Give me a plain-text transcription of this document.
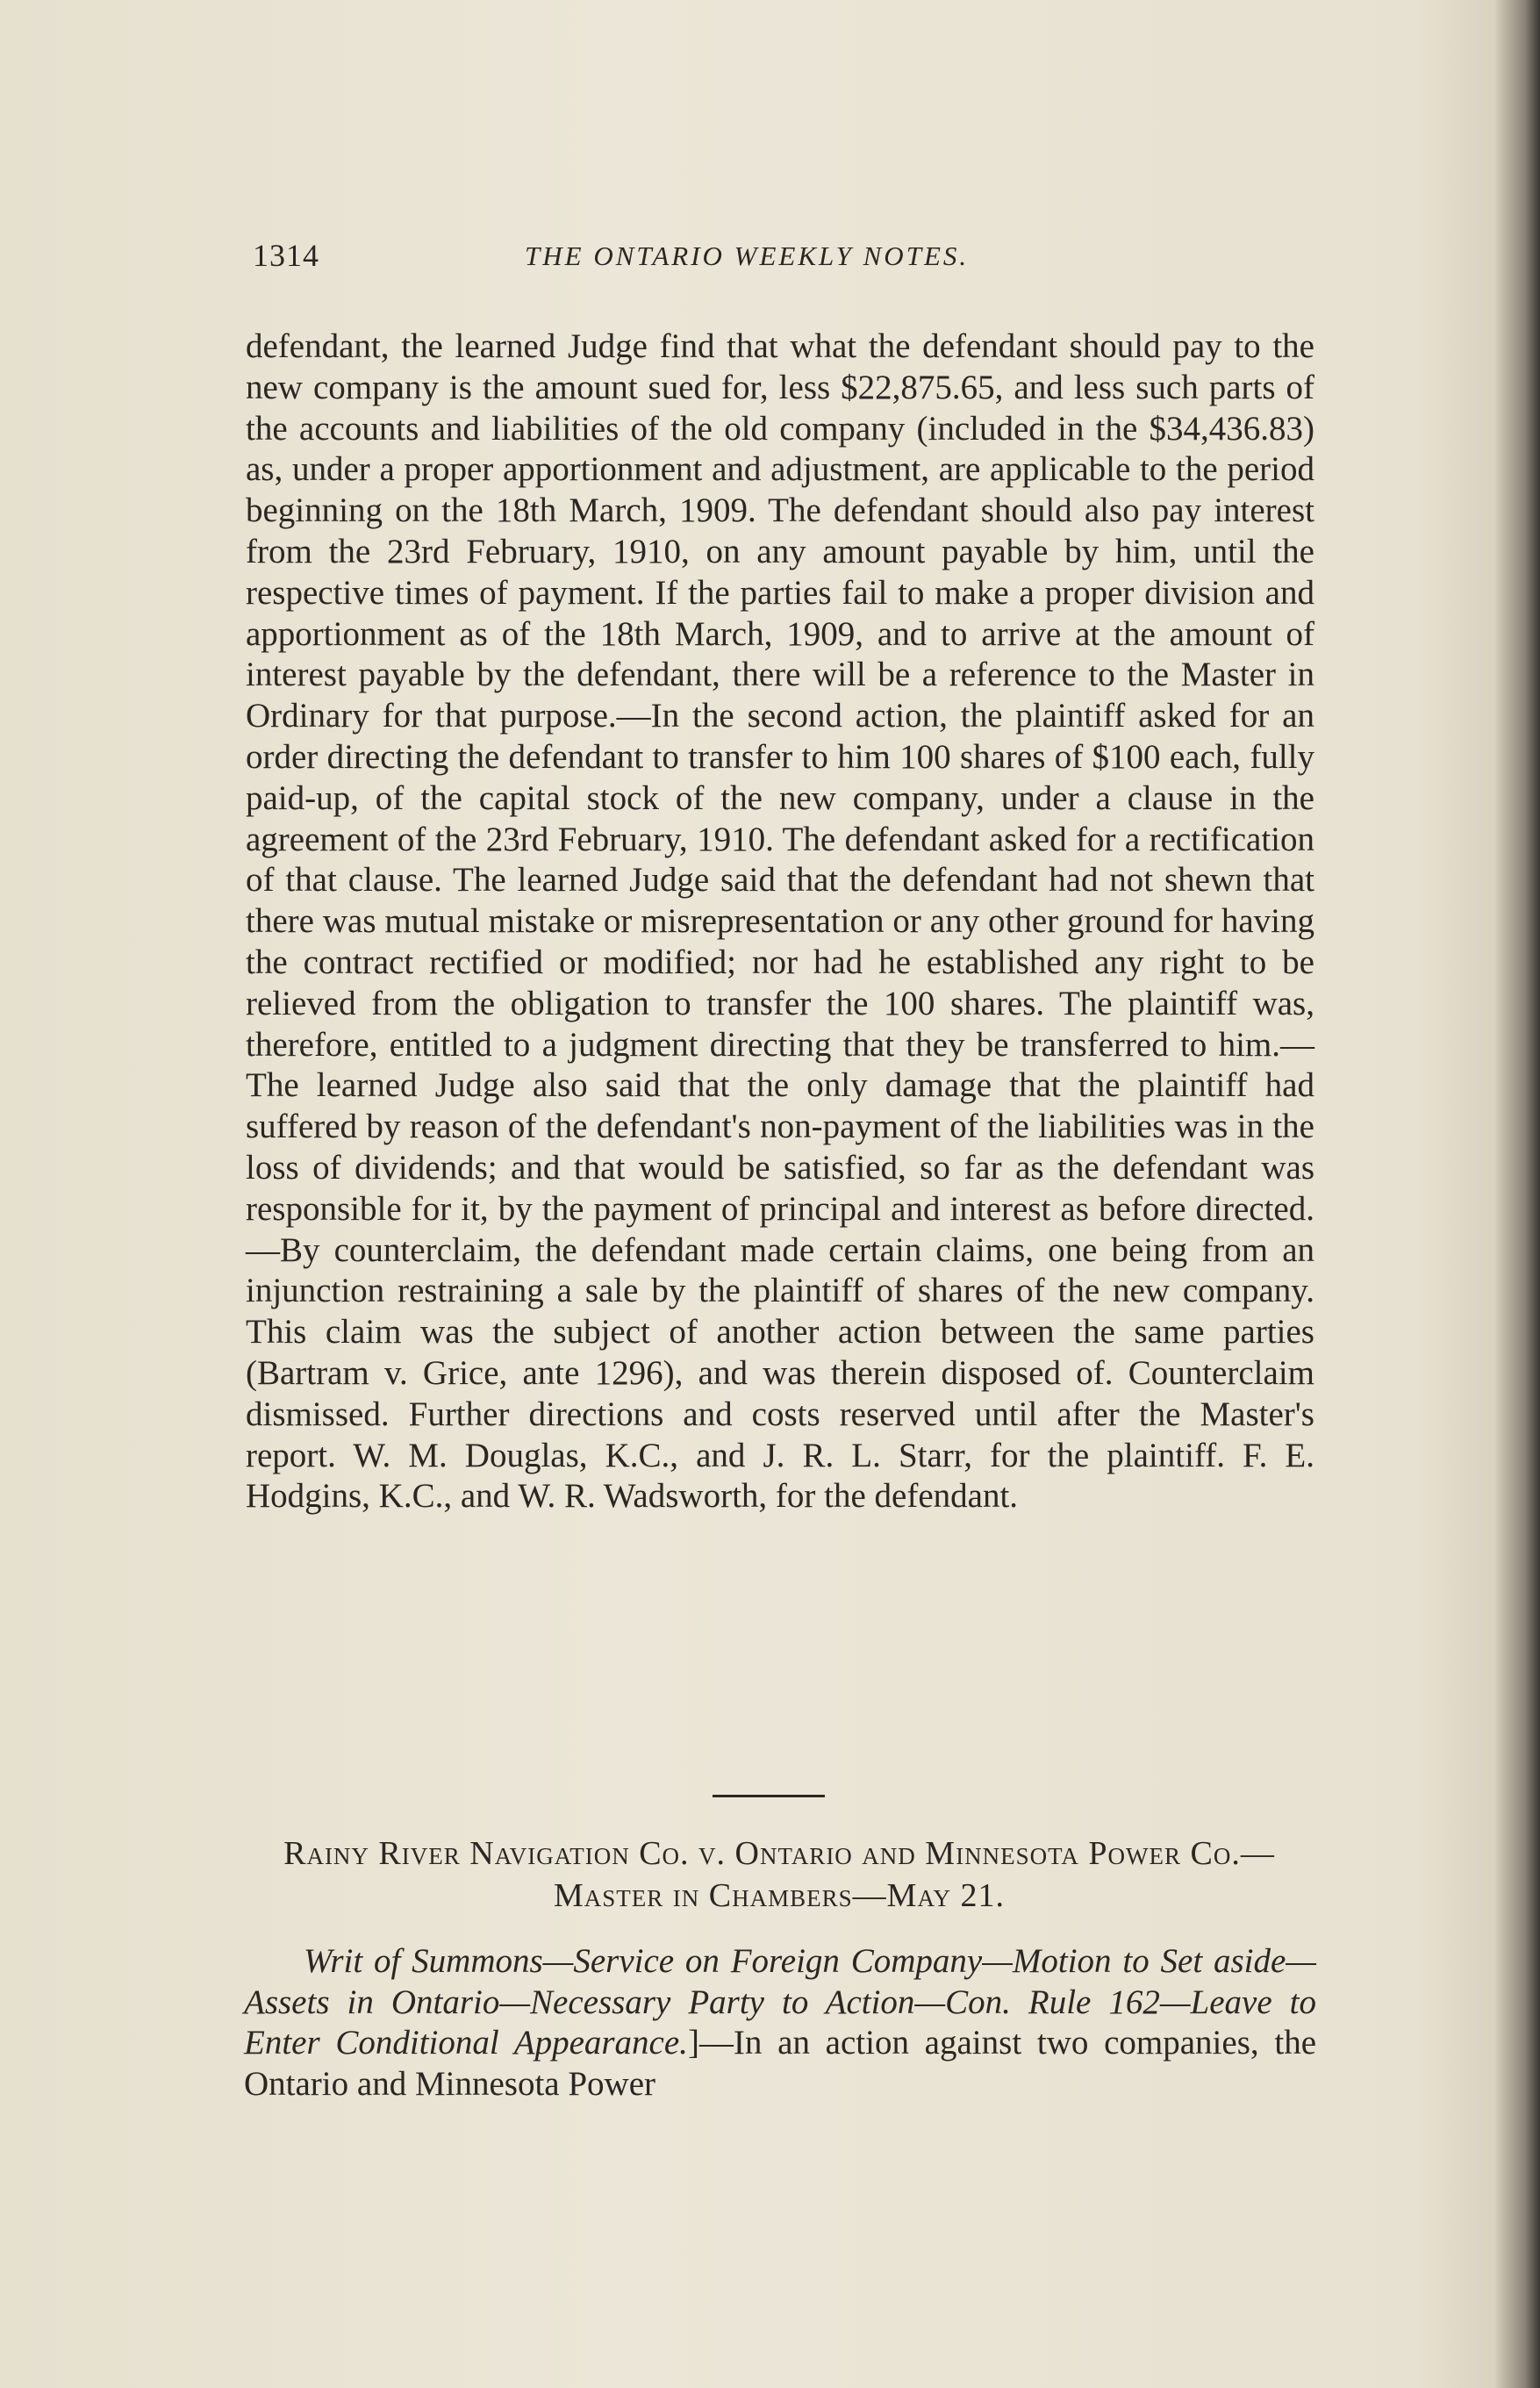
1314	THE ONTARIO WEEKLY NOTES.
defendant, the learned Judge find that what the defendant should pay to the new company is the amount sued for, less $22,875.65, and less such parts of the accounts and liabilities of the old company (included in the $34,436.83) as, under a proper apportionment and adjustment, are applicable to the period beginning on the 18th March, 1909. The defendant should also pay interest from the 23rd February, 1910, on any amount payable by him, until the respective times of payment. If the parties fail to make a proper division and apportionment as of the 18th March, 1909, and to arrive at the amount of interest payable by the defendant, there will be a reference to the Master in Ordinary for that purpose.—In the second action, the plaintiff asked for an order directing the defendant to transfer to him 100 shares of $100 each, fully paid-up, of the capital stock of the new company, under a clause in the agreement of the 23rd February, 1910. The defendant asked for a rectification of that clause. The learned Judge said that the defendant had not shewn that there was mutual mistake or misrepresentation or any other ground for having the contract rectified or modified; nor had he established any right to be relieved from the obligation to transfer the 100 shares. The plaintiff was, therefore, entitled to a judgment directing that they be transferred to him.—The learned Judge also said that the only damage that the plaintiff had suffered by reason of the defendant's non-payment of the liabilities was in the loss of dividends; and that would be satisfied, so far as the defendant was responsible for it, by the payment of principal and interest as before directed.—By counterclaim, the defendant made certain claims, one being from an injunction restraining a sale by the plaintiff of shares of the new company. This claim was the subject of another action between the same parties (Bartram v. Grice, ante 1296), and was therein disposed of. Counterclaim dismissed. Further directions and costs reserved until after the Master's report. W. M. Douglas, K.C., and J. R. L. Starr, for the plaintiff. F. E. Hodgins, K.C., and W. R. Wadsworth, for the defendant.
Rainy River Navigation Co. v. Ontario and Minnesota Power Co.—Master in Chambers—May 21.
Writ of Summons—Service on Foreign Company—Motion to Set aside—Assets in Ontario—Necessary Party to Action—Con. Rule 162—Leave to Enter Conditional Appearance.]—In an action against two companies, the Ontario and Minnesota Power
